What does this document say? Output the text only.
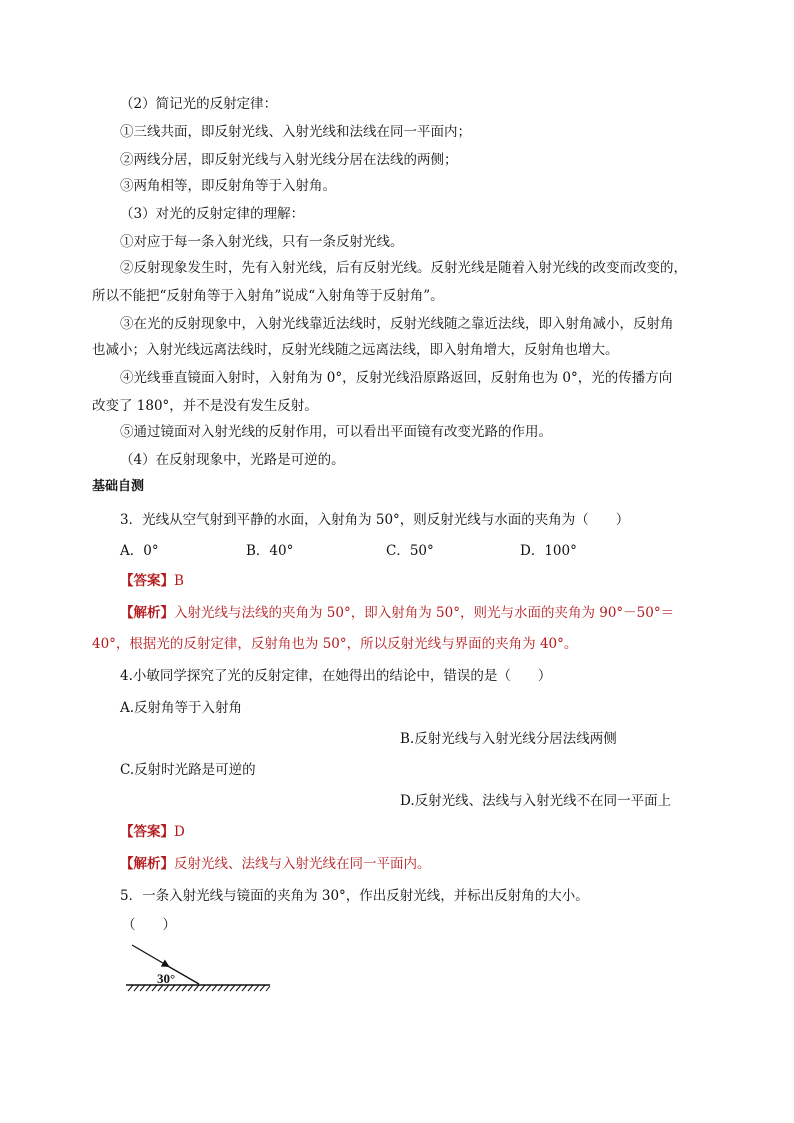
（2）简记光的反射定律：
①三线共面，即反射光线、入射光线和法线在同一平面内；
②两线分居，即反射光线与入射光线分居在法线的两侧；
③两角相等，即反射角等于入射角。
（3）对光的反射定律的理解：
①对应于每一条入射光线，只有一条反射光线。
②反射现象发生时，先有入射光线，后有反射光线。反射光线是随着入射光线的改变而改变的，
所以不能把“反射角等于入射角”说成“入射角等于反射角”。
③在光的反射现象中，入射光线靠近法线时，反射光线随之靠近法线，即入射角减小，反射角
也减小；入射光线远离法线时，反射光线随之远离法线，即入射角增大，反射角也增大。
④光线垂直镜面入射时，入射角为 0°，反射光线沿原路返回，反射角也为 0°，光的传播方向
改变了 180°，并不是没有发生反射。
⑤通过镜面对入射光线的反射作用，可以看出平面镜有改变光路的作用。
（4）在反射现象中，光路是可逆的。
基础自测
3．光线从空气射到平静的水面，入射角为 50°，则反射光线与水面的夹角为（　　）
A．0°	B．40°	C．50°	D．100°
【答案】B
【解析】入射光线与法线的夹角为 50°，即入射角为 50°，则光与水面的夹角为 90°－50°＝
40°，根据光的反射定律，反射角也为 50°，所以反射光线与界面的夹角为 40°。
4.小敏同学探究了光的反射定律，在她得出的结论中，错误的是（　　）
A.反射角等于入射角
B.反射光线与入射光线分居法线两侧
C.反射时光路是可逆的
D.反射光线、法线与入射光线不在同一平面上
【答案】D
【解析】反射光线、法线与入射光线在同一平面内。
5．一条入射光线与镜面的夹角为 30°，作出反射光线，并标出反射角的大小。
（　　）
30°
